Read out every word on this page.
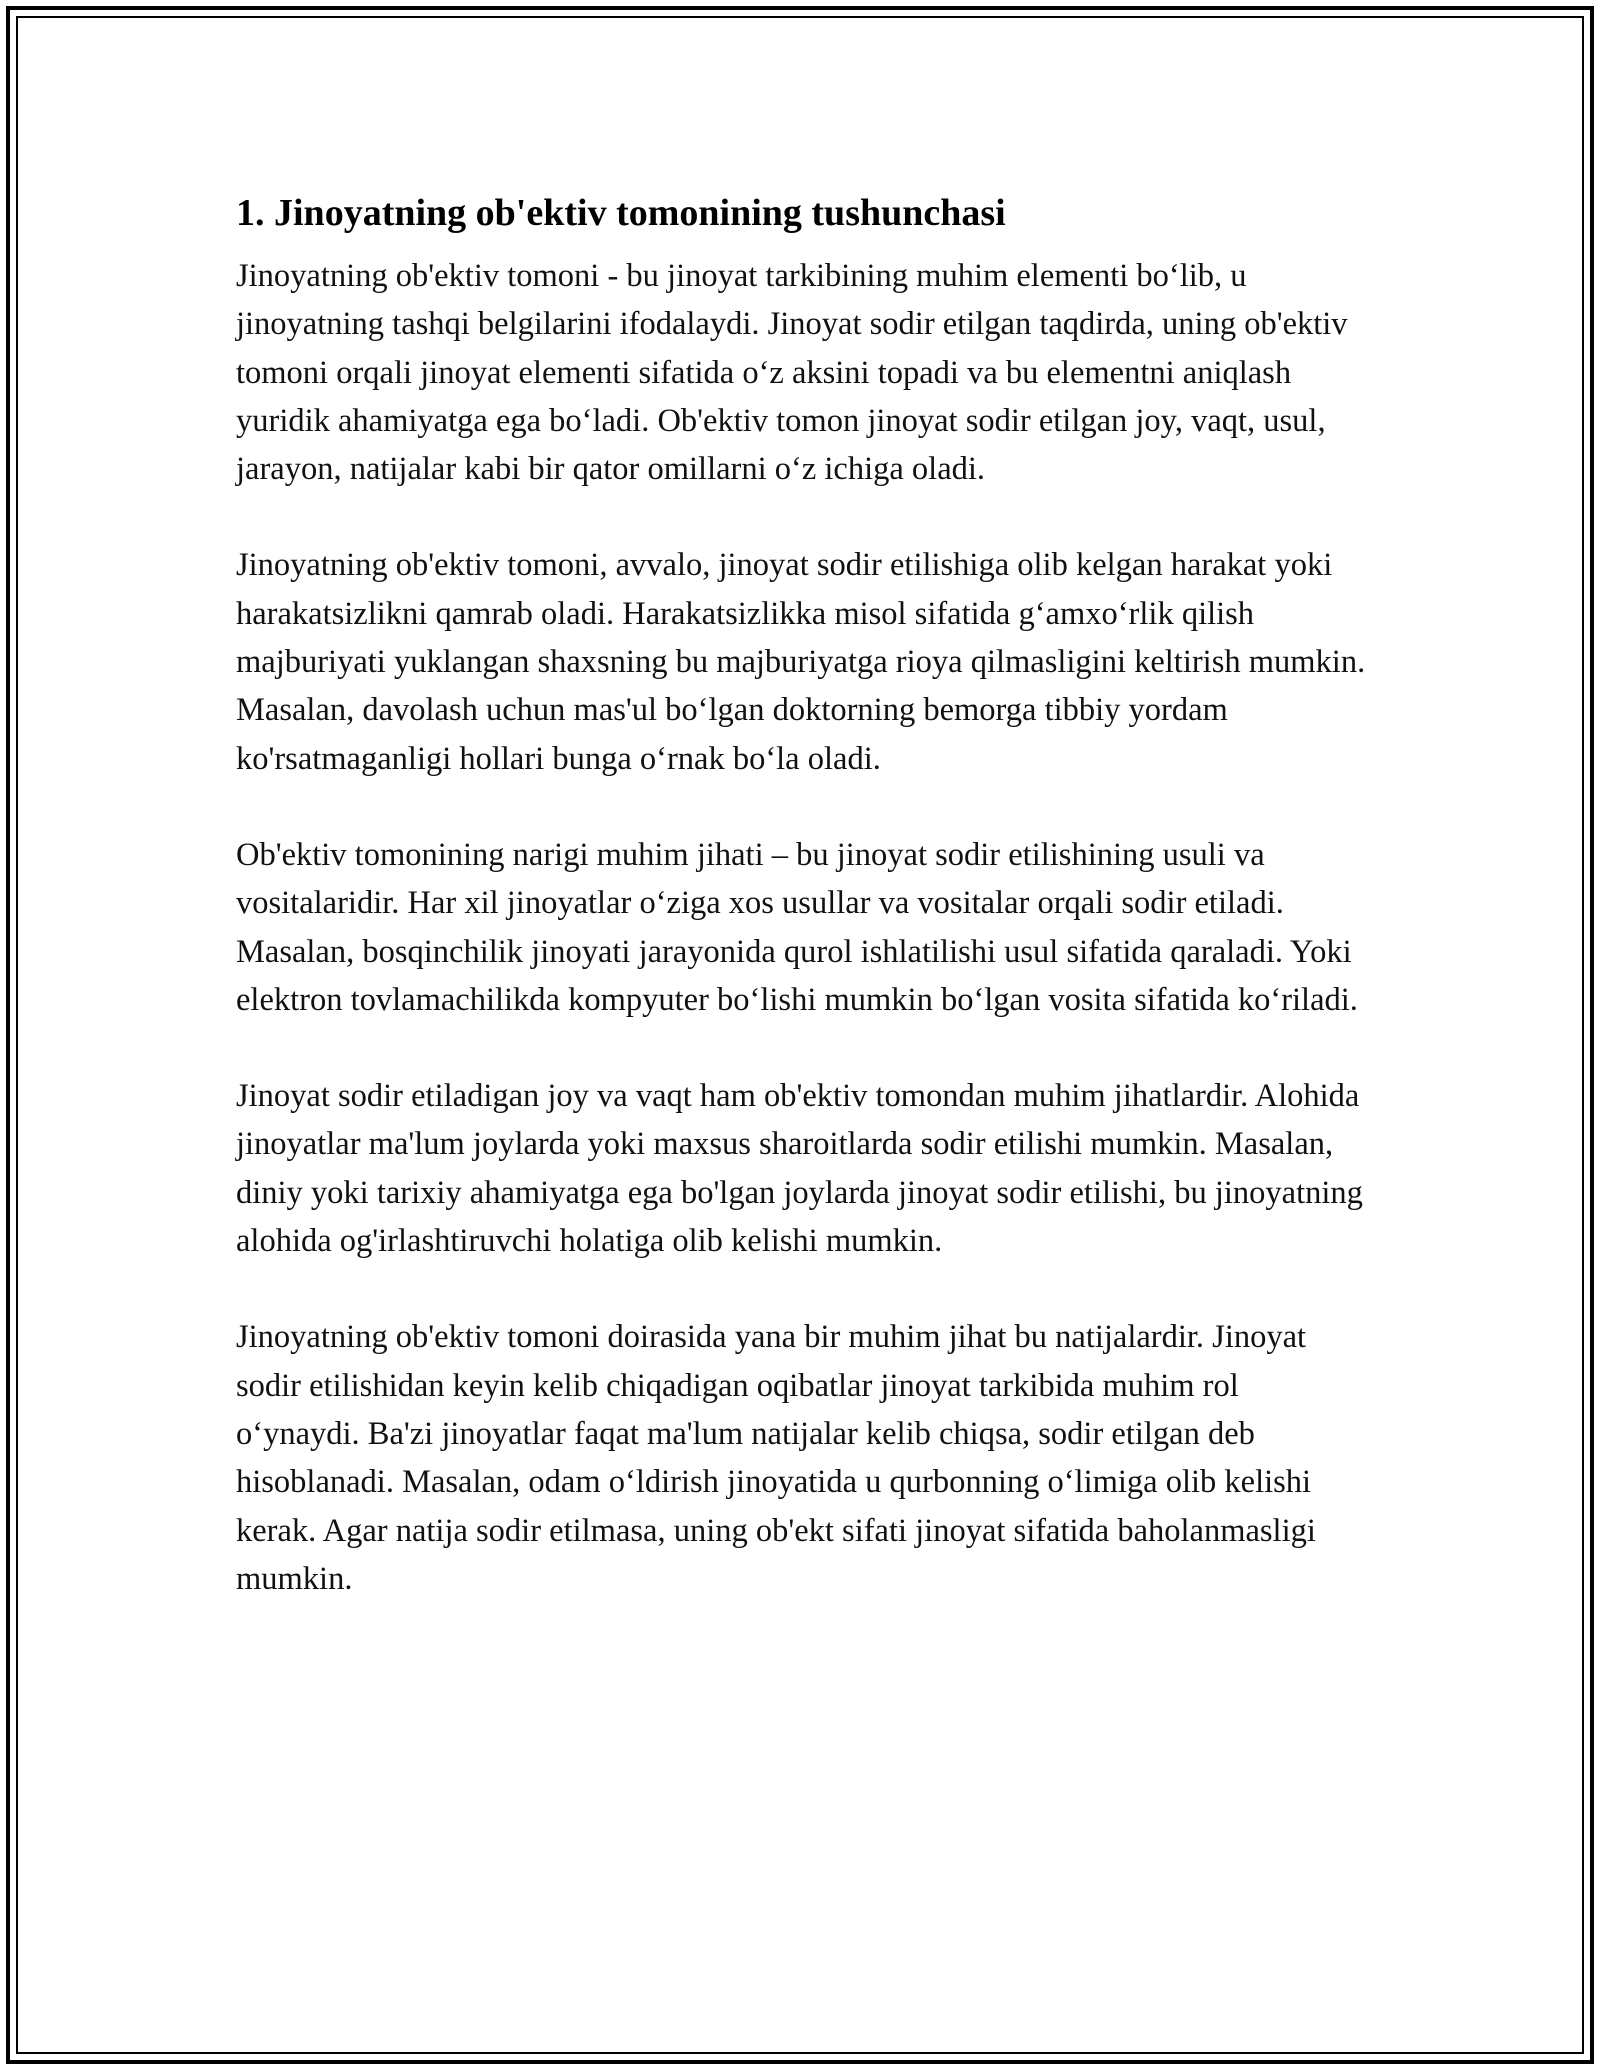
1. Jinoyatning ob'ektiv tomonining tushunchasi

Jinoyatning ob'ektiv tomoni - bu jinoyat tarkibining muhim elementi bo‘lib, u jinoyatning tashqi belgilarini ifodalaydi. Jinoyat sodir etilgan taqdirda, uning ob'ektiv tomoni orqali jinoyat elementi sifatida o‘z aksini topadi va bu elementni aniqlash yuridik ahamiyatga ega bo‘ladi. Ob'ektiv tomon jinoyat sodir etilgan joy, vaqt, usul, jarayon, natijalar kabi bir qator omillarni o‘z ichiga oladi.

Jinoyatning ob'ektiv tomoni, avvalo, jinoyat sodir etilishiga olib kelgan harakat yoki harakatsizlikni qamrab oladi. Harakatsizlikka misol sifatida g‘amxo‘rlik qilish majburiyati yuklangan shaxsning bu majburiyatga rioya qilmasligini keltirish mumkin. Masalan, davolash uchun mas'ul bo‘lgan doktorning bemorga tibbiy yordam ko'rsatmaganligi hollari bunga o‘rnak bo‘la oladi.

Ob'ektiv tomonining narigi muhim jihati – bu jinoyat sodir etilishining usuli va vositalaridir. Har xil jinoyatlar o‘ziga xos usullar va vositalar orqali sodir etiladi. Masalan, bosqinchilik jinoyati jarayonida qurol ishlatilishi usul sifatida qaraladi. Yoki elektron tovlamachilikda kompyuter bo‘lishi mumkin bo‘lgan vosita sifatida ko‘riladi.

Jinoyat sodir etiladigan joy va vaqt ham ob'ektiv tomondan muhim jihatlardir. Alohida jinoyatlar ma'lum joylarda yoki maxsus sharoitlarda sodir etilishi mumkin. Masalan, diniy yoki tarixiy ahamiyatga ega bo'lgan joylarda jinoyat sodir etilishi, bu jinoyatning alohida og'irlashtiruvchi holatiga olib kelishi mumkin.

Jinoyatning ob'ektiv tomoni doirasida yana bir muhim jihat bu natijalardir. Jinoyat sodir etilishidan keyin kelib chiqadigan oqibatlar jinoyat tarkibida muhim rol o‘ynaydi. Ba'zi jinoyatlar faqat ma'lum natijalar kelib chiqsa, sodir etilgan deb hisoblanadi. Masalan, odam o‘ldirish jinoyatida u qurbonning o‘limiga olib kelishi kerak. Agar natija sodir etilmasa, uning ob'ekt sifati jinoyat sifatida baholanmasligi mumkin.
